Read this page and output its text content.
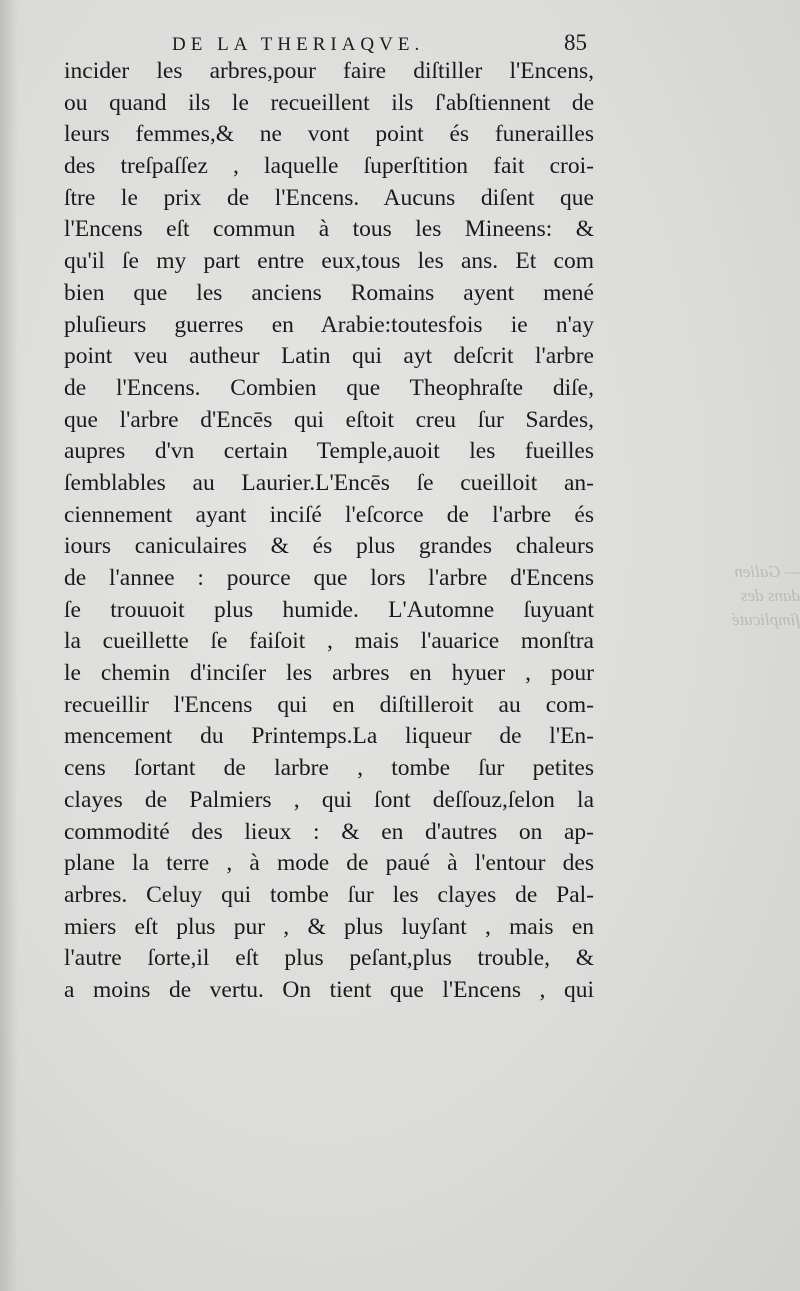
DE LA THERIAQVE.	85
incider les arbres,pour faire diſtiller l'Encens,
ou quand ils le recueillent ils ſ'abſtiennent de
leurs femmes,& ne vont point és funerailles
des treſpaſſez , laquelle ſuperſtition fait croi-
ſtre le prix de l'Encens. Aucuns diſent que
l'Encens eſt commun à tous les Mineens: &
qu'il ſe my part entre eux,tous les ans. Et com
bien que les anciens Romains ayent mené
pluſieurs guerres en Arabie:toutesfois ie n'ay
point veu autheur Latin qui ayt deſcrit l'arbre
de l'Encens. Combien que Theophraſte diſe,
que l'arbre d'Encēs qui eſtoit creu ſur Sardes,
aupres d'vn certain Temple,auoit les fueilles
ſemblables au Laurier.L'Encēs ſe cueilloit an-
ciennement ayant inciſé l'eſcorce de l'arbre és
iours caniculaires & és plus grandes chaleurs
de l'annee : pource que lors l'arbre d'Encens
ſe trouuoit plus humide. L'Automne ſuyuant
la cueillette ſe faiſoit , mais l'auarice monſtra
le chemin d'inciſer les arbres en hyuer , pour
recueillir l'Encens qui en diſtilleroit au com-
mencement du Printemps.La liqueur de l'En-
cens ſortant de larbre , tombe ſur petites
clayes de Palmiers , qui ſont deſſouz,ſelon la
commodité des lieux : & en d'autres on ap-
plane la terre , à mode de paué à l'entour des
arbres. Celuy qui tombe ſur les clayes de Pal-
miers eſt plus pur , & plus luyſant , mais en
l'autre ſorte,il eſt plus peſant,plus trouble, &
a moins de vertu. On tient que l'Encens , qui
— Galien
dans des
ſimplicuté
